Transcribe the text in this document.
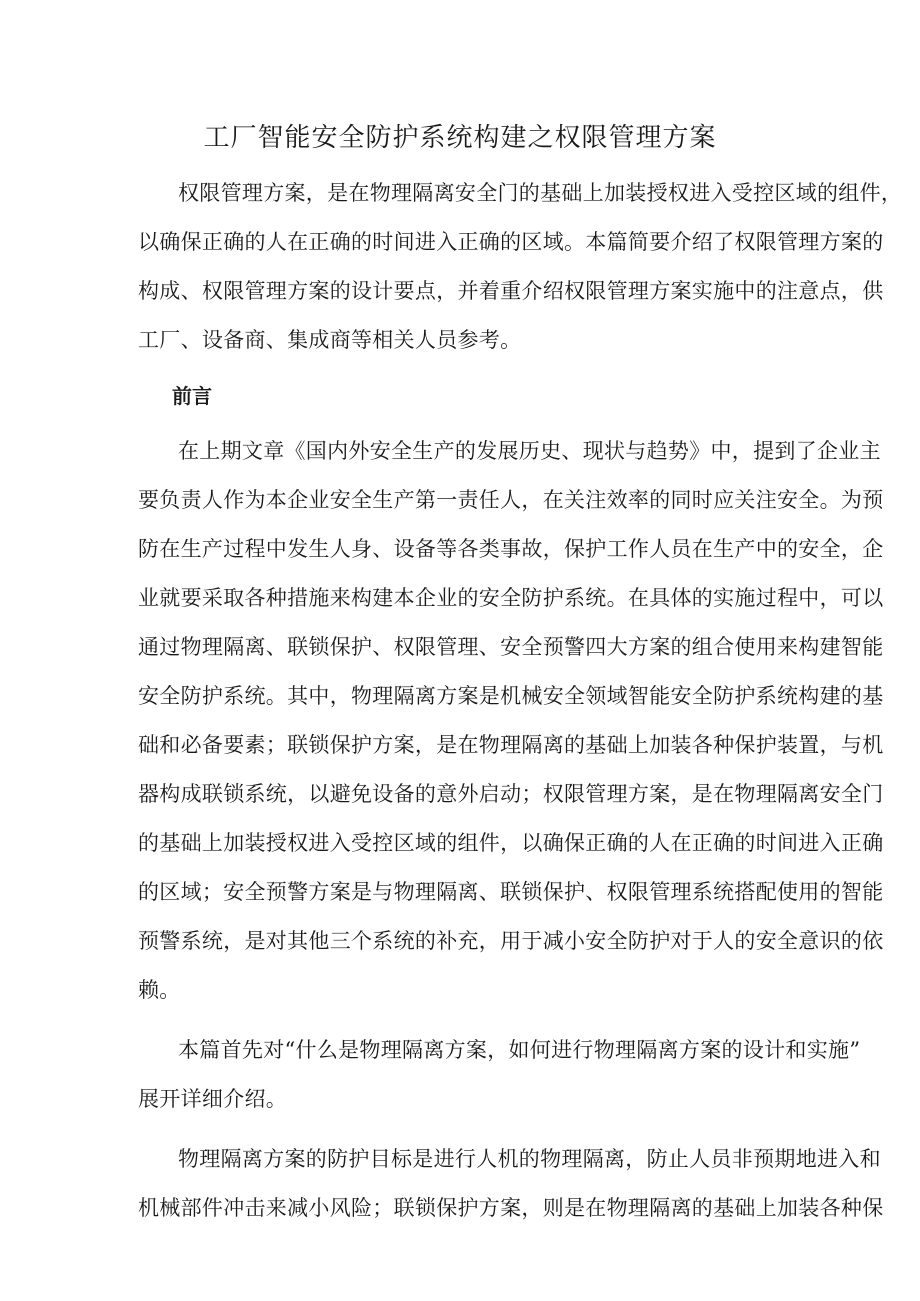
工厂智能安全防护系统构建之权限管理方案

权限管理方案，是在物理隔离安全门的基础上加装授权进入受控区域的组件，

以确保正确的人在正确的时间进入正确的区域。本篇简要介绍了权限管理方案的

构成、权限管理方案的设计要点，并着重介绍权限管理方案实施中的注意点，供

工厂、设备商、集成商等相关人员参考。

前言

在上期文章《国内外安全生产的发展历史、现状与趋势》中，提到了企业主

要负责人作为本企业安全生产第一责任人，在关注效率的同时应关注安全。为预

防在生产过程中发生人身、设备等各类事故，保护工作人员在生产中的安全，企

业就要采取各种措施来构建本企业的安全防护系统。在具体的实施过程中，可以

通过物理隔离、联锁保护、权限管理、安全预警四大方案的组合使用来构建智能

安全防护系统。其中，物理隔离方案是机械安全领域智能安全防护系统构建的基

础和必备要素；联锁保护方案，是在物理隔离的基础上加装各种保护装置，与机

器构成联锁系统，以避免设备的意外启动；权限管理方案，是在物理隔离安全门

的基础上加装授权进入受控区域的组件，以确保正确的人在正确的时间进入正确

的区域；安全预警方案是与物理隔离、联锁保护、权限管理系统搭配使用的智能

预警系统，是对其他三个系统的补充，用于减小安全防护对于人的安全意识的依

赖。

本篇首先对“什么是物理隔离方案，如何进行物理隔离方案的设计和实施”

展开详细介绍。

物理隔离方案的防护目标是进行人机的物理隔离，防止人员非预期地进入和

机械部件冲击来减小风险；联锁保护方案，则是在物理隔离的基础上加装各种保
